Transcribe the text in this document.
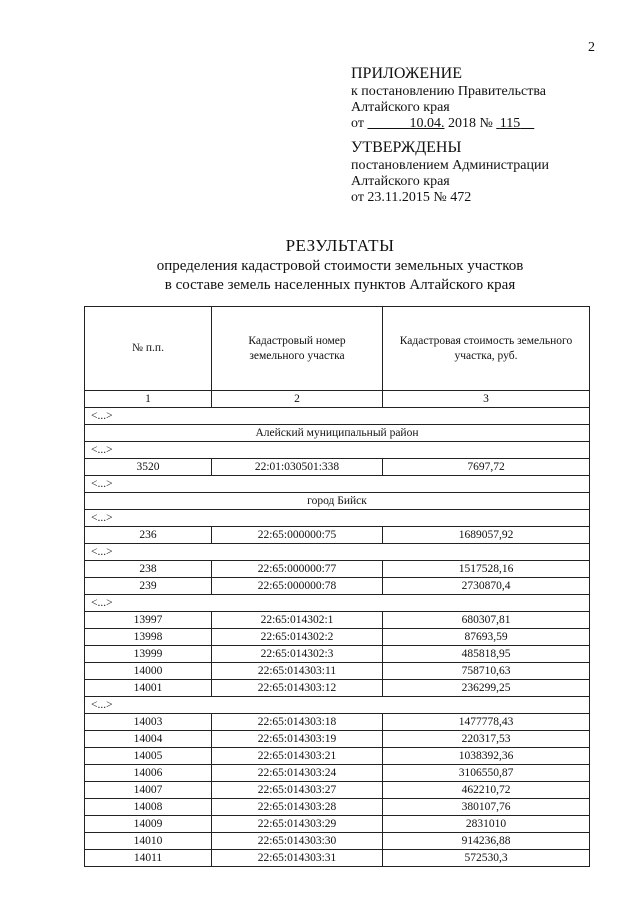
2
ПРИЛОЖЕНИЕ
к постановлению Правительства
Алтайского края
от	10.04. 2018 № 115
УТВЕРЖДЕНЫ
постановлением Администрации
Алтайского края
от 23.11.2015 № 472
РЕЗУЛЬТАТЫ
определения кадастровой стоимости земельных участков
в составе земель населенных пунктов Алтайского края
№ п.п.	Кадастровый номер земельного участка	Кадастровая стоимость земельного участка, руб.
1	2	3
<...>		
Алейский муниципальный район		
<...>		
3520	22:01:030501:338	7697,72
<...>		
город Бийск		
<...>		
236	22:65:000000:75	1689057,92
<...>		
238	22:65:000000:77	1517528,16
239	22:65:000000:78	2730870,4
<...>		
13997	22:65:014302:1	680307,81
13998	22:65:014302:2	87693,59
13999	22:65:014302:3	485818,95
14000	22:65:014303:11	758710,63
14001	22:65:014303:12	236299,25
<...>		
14003	22:65:014303:18	1477778,43
14004	22:65:014303:19	220317,53
14005	22:65:014303:21	1038392,36
14006	22:65:014303:24	3106550,87
14007	22:65:014303:27	462210,72
14008	22:65:014303:28	380107,76
14009	22:65:014303:29	2831010
14010	22:65:014303:30	914236,88
14011	22:65:014303:31	572530,3
